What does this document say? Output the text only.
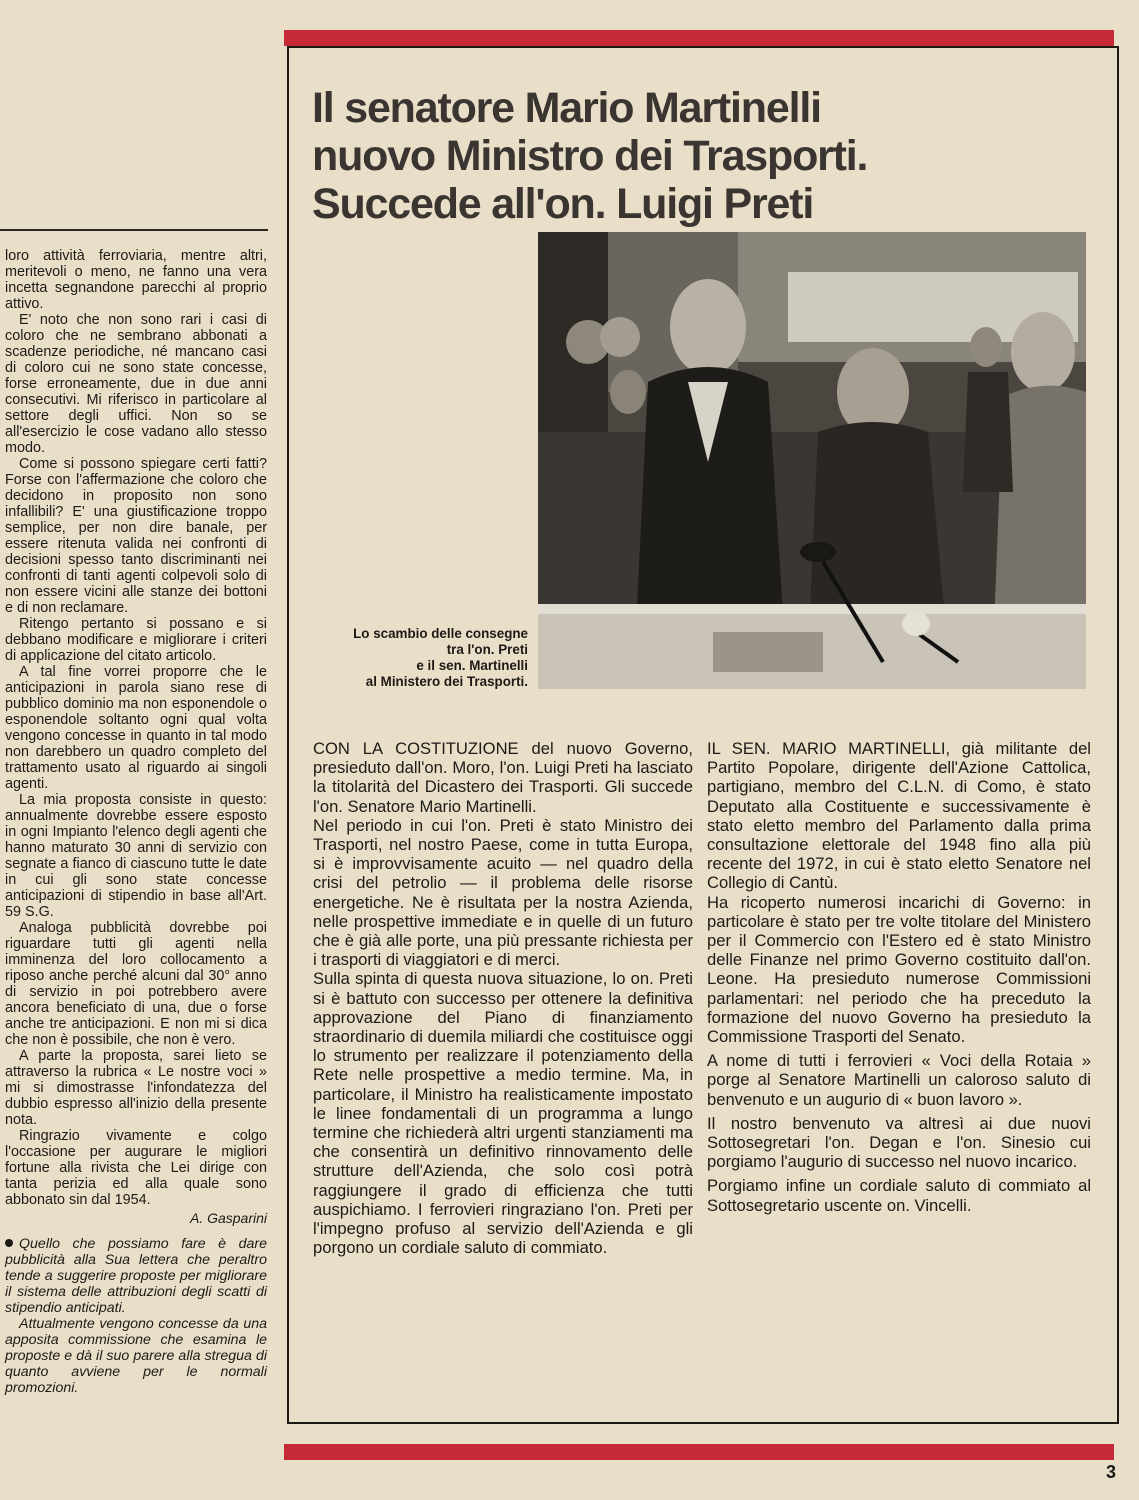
loro attività ferroviaria, mentre altri, meritevoli o meno, ne fanno una vera incetta segnandone parecchi al proprio attivo.

E' noto che non sono rari i casi di coloro che ne sembrano abbonati a scadenze periodiche, né mancano casi di coloro cui ne sono state concesse, forse erroneamente, due in due anni consecutivi. Mi riferisco in particolare al settore degli uffici. Non so se all'esercizio le cose vadano allo stesso modo.

Come si possono spiegare certi fatti? Forse con l'affermazione che coloro che decidono in proposito non sono infallibili? E' una giustificazione troppo semplice, per non dire banale, per essere ritenuta valida nei confronti di decisioni spesso tanto discriminanti nei confronti di tanti agenti colpevoli solo di non essere vicini alle stanze dei bottoni e di non reclamare.

Ritengo pertanto si possano e si debbano modificare e migliorare i criteri di applicazione del citato articolo.

A tal fine vorrei proporre che le anticipazioni in parola siano rese di pubblico dominio ma non esponendole o esponendole soltanto ogni qual volta vengono concesse in quanto in tal modo non darebbero un quadro completo del trattamento usato al riguardo ai singoli agenti.

La mia proposta consiste in questo: annualmente dovrebbe essere esposto in ogni Impianto l'elenco degli agenti che hanno maturato 30 anni di servizio con segnate a fianco di ciascuno tutte le date in cui gli sono state concesse anticipazioni di stipendio in base all'Art. 59 S.G.

Analoga pubblicità dovrebbe poi riguardare tutti gli agenti nella imminenza del loro collocamento a riposo anche perché alcuni dal 30° anno di servizio in poi potrebbero avere ancora beneficiato di una, due o forse anche tre anticipazioni. E non mi si dica che non è possibile, che non è vero.

A parte la proposta, sarei lieto se attraverso la rubrica « Le nostre voci » mi si dimostrasse l'infondatezza del dubbio espresso all'inizio della presente nota.

Ringrazio vivamente e colgo l'occasione per augurare le migliori fortune alla rivista che Lei dirige con tanta perizia ed alla quale sono abbonato sin dal 1954.

A. Gasparini

Quello che possiamo fare è dare pubblicità alla Sua lettera che peraltro tende a suggerire proposte per migliorare il sistema delle attribuzioni degli scatti di stipendio anticipati.

Attualmente vengono concesse da una apposita commissione che esamina le proposte e dà il suo parere alla stregua di quanto avviene per le normali promozioni.

Il senatore Mario Martinelli
nuovo Ministro dei Trasporti.
Succede all'on. Luigi Preti
Lo scambio delle consegne
tra l'on. Preti
e il sen. Martinelli
al Ministero dei Trasporti.

CON LA COSTITUZIONE del nuovo Governo, presieduto dall'on. Moro, l'on. Luigi Preti ha lasciato la titolarità del Dicastero dei Trasporti. Gli succede l'on. Senatore Mario Martinelli.

Nel periodo in cui l'on. Preti è stato Ministro dei Trasporti, nel nostro Paese, come in tutta Europa, si è improvvisamente acuito — nel quadro della crisi del petrolio — il problema delle risorse energetiche. Ne è risultata per la nostra Azienda, nelle prospettive immediate e in quelle di un futuro che è già alle porte, una più pressante richiesta per i trasporti di viaggiatori e di merci.

Sulla spinta di questa nuova situazione, lo on. Preti si è battuto con successo per ottenere la definitiva approvazione del Piano di finanziamento straordinario di duemila miliardi che costituisce oggi lo strumento per realizzare il potenziamento della Rete nelle prospettive a medio termine. Ma, in particolare, il Ministro ha realisticamente impostato le linee fondamentali di un programma a lungo termine che richiederà altri urgenti stanziamenti ma che consentirà un definitivo rinnovamento delle strutture dell'Azienda, che solo così potrà raggiungere il grado di efficienza che tutti auspichiamo. I ferrovieri ringraziano l'on. Preti per l'impegno profuso al servizio dell'Azienda e gli porgono un cordiale saluto di commiato.

IL SEN. MARIO MARTINELLI, già militante del Partito Popolare, dirigente dell'Azione Cattolica, partigiano, membro del C.L.N. di Como, è stato Deputato alla Costituente e successivamente è stato eletto membro del Parlamento dalla prima consultazione elettorale del 1948 fino alla più recente del 1972, in cui è stato eletto Senatore nel Collegio di Cantù.

Ha ricoperto numerosi incarichi di Governo: in particolare è stato per tre volte titolare del Ministero per il Commercio con l'Estero ed è stato Ministro delle Finanze nel primo Governo costituito dall'on. Leone. Ha presieduto numerose Commissioni parlamentari: nel periodo che ha preceduto la formazione del nuovo Governo ha presieduto la Commissione Trasporti del Senato.

A nome di tutti i ferrovieri « Voci della Rotaia » porge al Senatore Martinelli un caloroso saluto di benvenuto e un augurio di « buon lavoro ».

Il nostro benvenuto va altresì ai due nuovi Sottosegretari l'on. Degan e l'on. Sinesio cui porgiamo l'augurio di successo nel nuovo incarico.

Porgiamo infine un cordiale saluto di commiato al Sottosegretario uscente on. Vincelli.

3
